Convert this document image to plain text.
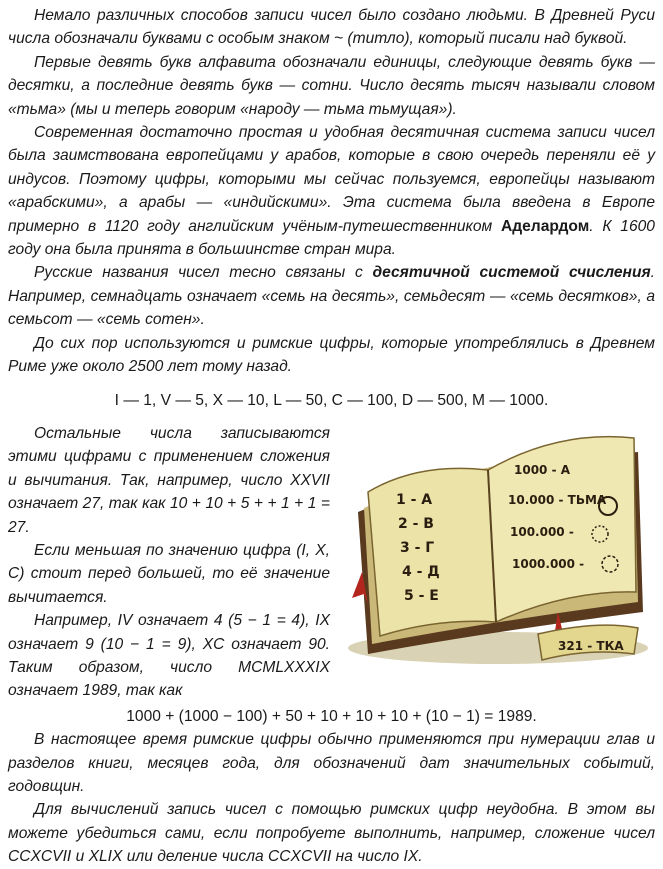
Немало различных способов записи чисел было создано людьми. В Древней Руси числа обозначали буквами с особым знаком ~ (титло), который писали над буквой.

Первые девять букв алфавита обозначали единицы, следующие девять букв — десятки, а последние девять букв — сотни. Число десять тысяч называли словом «тьма» (мы и теперь говорим «народу — тьма тьмущая»).

Современная достаточно простая и удобная десятичная система записи чисел была заимствована европейцами у арабов, которые в свою очередь переняли её у индусов. Поэтому цифры, которыми мы сейчас пользуемся, европейцы называют «арабскими», а арабы — «индийскими». Эта система была введена в Европе примерно в 1120 году английским учёным-путешественником Аделардом. К 1600 году она была принята в большинстве стран мира.

Русские названия чисел тесно связаны с десятичной системой счисления. Например, семнадцать означает «семь на десять», семьдесят — «семь десятков», а семьсот — «семь сотен».

До сих пор используются и римские цифры, которые употреблялись в Древнем Риме уже около 2500 лет тому назад.

I — 1, V — 5, X — 10, L — 50, C — 100, D — 500, M — 1000.

Остальные числа записываются этими цифрами с применением сложения и вычитания. Так, например, число XXVII означает 27, так как 10 + 10 + 5 + + 1 + 1 = 27.

Если меньшая по значению цифра (I, X, C) стоит перед большей, то её значение вычитается.

Например, IV означает 4 (5 − 1 = 4), IX означает 9 (10 − 1 = 9), XC означает 90. Таким образом, число MCMLXXXIX означает 1989, так как

1 - А
2 - В
3 - Г
4 - Д
5 - Е
1000 - А
10.000 - ТЬМА
100.000 -
1000.000 -
321 - ТКА

1000 + (1000 − 100) + 50 + 10 + 10 + 10 + (10 − 1) = 1989.

В настоящее время римские цифры обычно применяются при нумерации глав и разделов книги, месяцев года, для обозначений дат значительных событий, годовщин.

Для вычислений запись чисел с помощью римских цифр неудобна. В этом вы можете убедиться сами, если попробуете выполнить, например, сложение чисел CCXCVII и XLIX или деление числа CCXCVII на число IX.
